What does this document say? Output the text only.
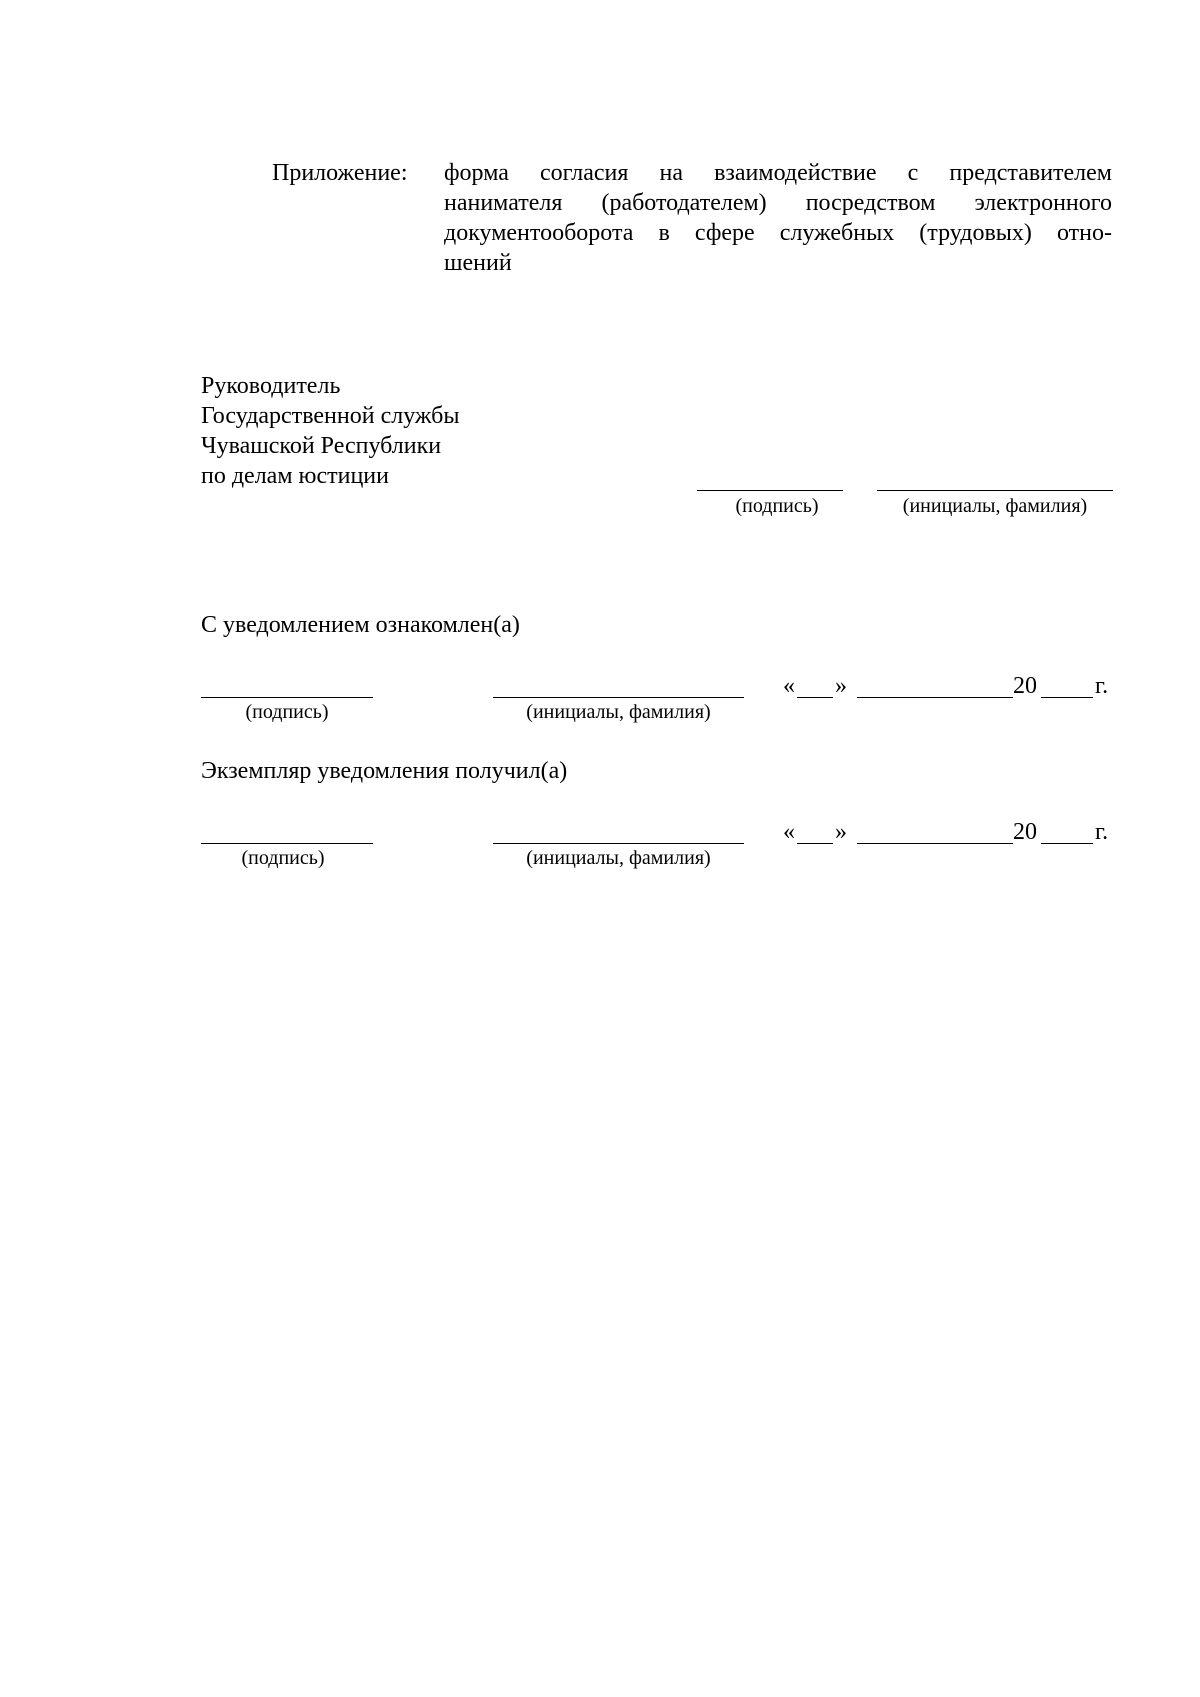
Приложение: форма согласия на взаимодействие с представителем
нанимателя (работодателем) посредством электронного
документооборота в сфере служебных (трудовых) отно-
шений
Руководитель
Государственной службы
Чувашской Республики
по делам юстиции
(подпись)	(инициалы, фамилия)
С уведомлением ознакомлен(а)
(подпись)	(инициалы, фамилия)
« »	20 г.
Экземпляр уведомления получил(а)
(подпись)	(инициалы, фамилия)
« »	20 г.
